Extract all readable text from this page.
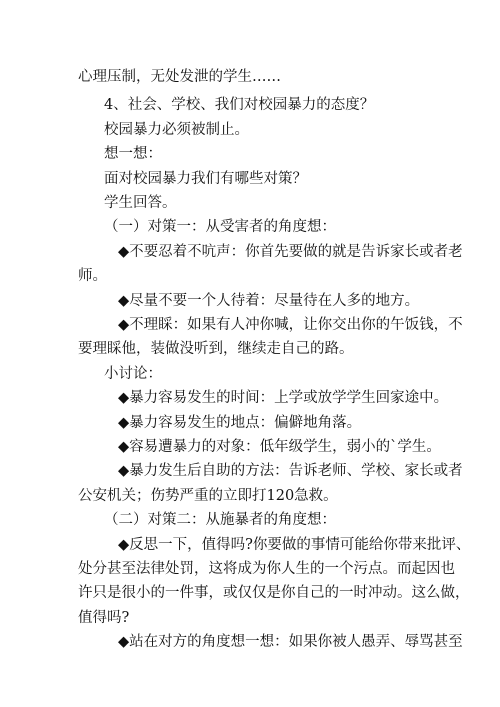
心理压制，无处发泄的学生……
4、社会、学校、我们对校园暴力的态度？
校园暴力必须被制止。
想一想：
面对校园暴力我们有哪些对策？
学生回答。
（一）对策一：从受害者的角度想：
◆不要忍着不吭声：你首先要做的就是告诉家长或者老
师。
◆尽量不要一个人待着：尽量待在人多的地方。
◆不理睬：如果有人冲你喊，让你交出你的午饭钱，不
要理睬他，装做没听到，继续走自己的路。
小讨论：
◆暴力容易发生的时间：上学或放学学生回家途中。
◆暴力容易发生的地点：偏僻地角落。
◆容易遭暴力的对象：低年级学生，弱小的`学生。
◆暴力发生后自助的方法：告诉老师、学校、家长或者
公安机关；伤势严重的立即打120急救。
（二）对策二：从施暴者的角度想：
◆反思一下，值得吗?你要做的事情可能给你带来批评、
处分甚至法律处罚，这将成为你人生的一个污点。而起因也
许只是很小的一件事，或仅仅是你自己的一时冲动。这么做，
值得吗?
◆站在对方的角度想一想：如果你被人愚弄、辱骂甚至
